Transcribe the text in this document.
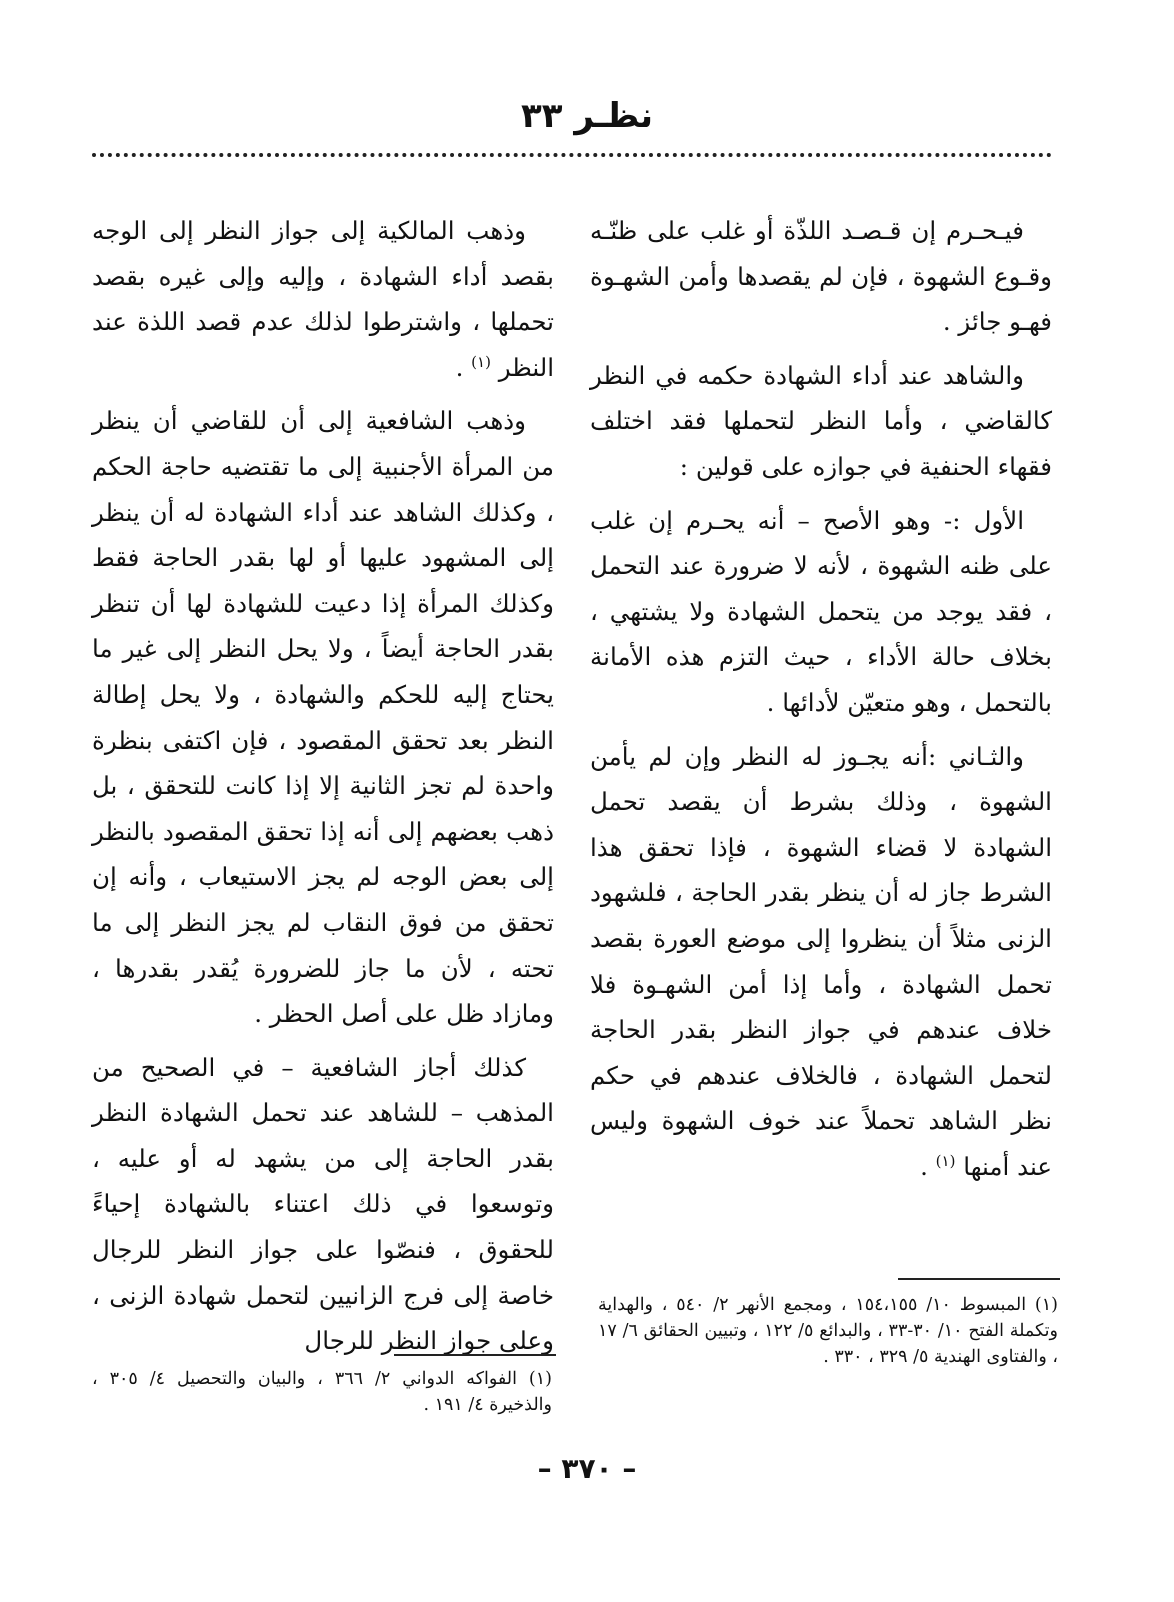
نظـر ٣٣

فيـحـرم إن قـصـد اللذّة أو غلب على ظنّـه وقـوع الشهوة ، فإن لم يقصدها وأمن الشهـوة فهـو جائز .

والشاهد عند أداء الشهادة حكمه في النظر كالقاضي ، وأما النظر لتحملها فقد اختلف فقهاء الحنفية في جوازه على قولين :

الأول :- وهو الأصح – أنه يحـرم إن غلب على ظنه الشهوة ، لأنه لا ضرورة عند التحمل ، فقد يوجد من يتحمل الشهادة ولا يشتهي ، بخلاف حالة الأداء ، حيث التزم هذه الأمانة بالتحمل ، وهو متعيّن لأدائها .

والثـاني :أنه يجـوز له النظر وإن لم يأمن الشهوة ، وذلك بشرط أن يقصد تحمل الشهادة لا قضاء الشهوة ، فإذا تحقق هذا الشرط جاز له أن ينظر بقدر الحاجة ، فلشهود الزنى مثلاً أن ينظروا إلى موضع العورة بقصد تحمل الشهادة ، وأما إذا أمن الشهـوة فلا خلاف عندهم في جواز النظر بقدر الحاجة لتحمل الشهادة ، فالخلاف عندهم في حكم نظر الشاهد تحملاً عند خوف الشهوة وليس عند أمنها $^{(١)}$ .

وذهب المالكية إلى جواز النظر إلى الوجه بقصد أداء الشهادة ، وإليه وإلى غيره بقصد تحملها ، واشترطوا لذلك عدم قصد اللذة عند النظر $^{(١)}$ .

وذهب الشافعية إلى أن للقاضي أن ينظر من المرأة الأجنبية إلى ما تقتضيه حاجة الحكم ، وكذلك الشاهد عند أداء الشهادة له أن ينظر إلى المشهود عليها أو لها بقدر الحاجة فقط وكذلك المرأة إذا دعيت للشهادة لها أن تنظر بقدر الحاجة أيضاً ، ولا يحل النظر إلى غير ما يحتاج إليه للحكم والشهادة ، ولا يحل إطالة النظر بعد تحقق المقصود ، فإن اكتفى بنظرة واحدة لم تجز الثانية إلا إذا كانت للتحقق ، بل ذهب بعضهم إلى أنه إذا تحقق المقصود بالنظر إلى بعض الوجه لم يجز الاستيعاب ، وأنه إن تحقق من فوق النقاب لم يجز النظر إلى ما تحته ، لأن ما جاز للضرورة يُقدر بقدرها ، ومازاد ظل على أصل الحظر .

كذلك أجاز الشافعية – في الصحيح من المذهب – للشاهد عند تحمل الشهادة النظر بقدر الحاجة إلى من يشهد له أو عليه ، وتوسعوا في ذلك اعتناء بالشهادة إحياءً للحقوق ، فنصّوا على جواز النظر للرجال خاصة إلى فرج الزانيين لتحمل شهادة الزنى ، وعلى جواز النظر للرجال

(١) المبسوط ١٠/ ١٥٤،١٥٥ ، ومجمع الأنهر ٢/ ٥٤٠ ، والهداية وتكملة الفتح ١٠/ ٣٠-٣٣ ، والبدائع ٥/ ١٢٢ ، وتبيين الحقائق ٦/ ١٧ ، والفتاوى الهندية ٥/ ٣٢٩ ، ٣٣٠ .
(١) الفواكه الدواني ٢/ ٣٦٦ ، والبيان والتحصيل ٤/ ٣٠٥ ، والذخيرة ٤/ ١٩١ .
– ٣٧٠ –
